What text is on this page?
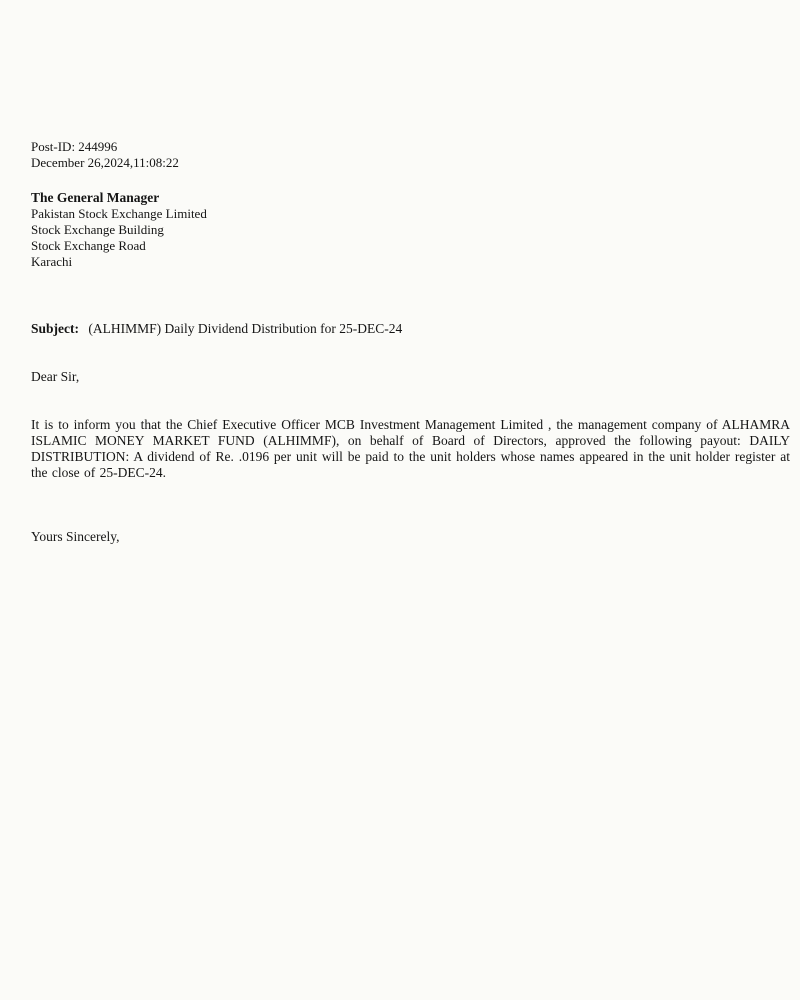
Post-ID: 244996
December 26,2024,11:08:22
The General Manager
Pakistan Stock Exchange Limited
Stock Exchange Building
Stock Exchange Road
Karachi
Subject: (ALHIMMF) Daily Dividend Distribution for 25-DEC-24
Dear Sir,
It is to inform you that the Chief Executive Officer MCB Investment Management Limited , the management company of ALHAMRA ISLAMIC MONEY MARKET FUND (ALHIMMF), on behalf of Board of Directors, approved the following payout: DAILY DISTRIBUTION: A dividend of Re. .0196 per unit will be paid to the unit holders whose names appeared in the unit holder register at the close of 25-DEC-24.
Yours Sincerely,
